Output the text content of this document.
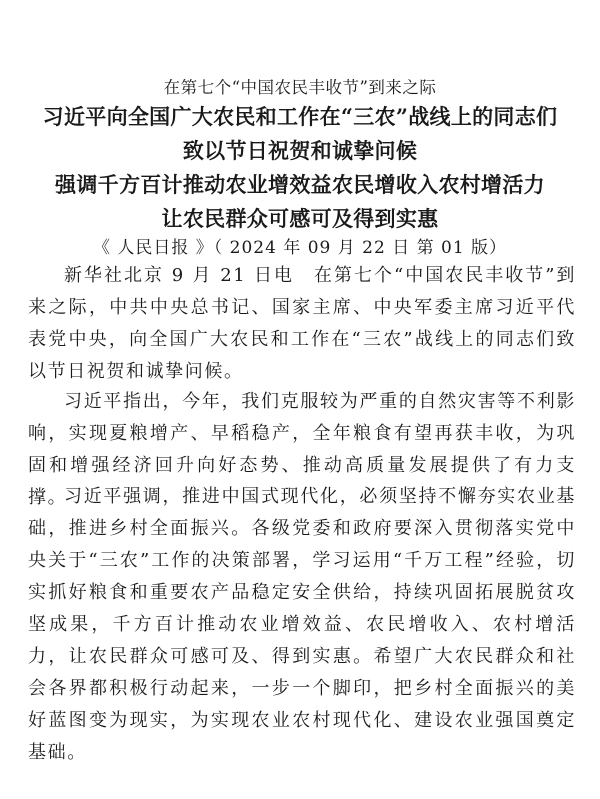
在第七个“中国农民丰收节”到来之际
习近平向全国广大农民和工作在“三农”战线上的同志们
致以节日祝贺和诚挚问候
强调千方百计推动农业增效益农民增收入农村增活力
让农民群众可感可及得到实惠
《 人民日报 》（ 2024 年 09 月 22 日 第 01 版）

新华社北京 9 月 21 日电　在第七个“中国农民丰收节”到来之际，中共中央总书记、国家主席、中央军委主席习近平代表党中央，向全国广大农民和工作在“三农”战线上的同志们致以节日祝贺和诚挚问候。

习近平指出，今年，我们克服较为严重的自然灾害等不利影响，实现夏粮增产、早稻稳产，全年粮食有望再获丰收，为巩固和增强经济回升向好态势、推动高质量发展提供了有力支撑。

习近平强调，推进中国式现代化，必须坚持不懈夯实农业基础，推进乡村全面振兴。各级党委和政府要深入贯彻落实党中央关于“三农”工作的决策部署，学习运用“千万工程”经验，切实抓好粮食和重要农产品稳定安全供给，持续巩固拓展脱贫攻坚成果，千方百计推动农业增效益、农民增收入、农村增活力，让农民群众可感可及、得到实惠。希望广大农民群众和社会各界都积极行动起来，一步一个脚印，把乡村全面振兴的美好蓝图变为现实，为实现农业农村现代化、建设农业强国奠定基础。
